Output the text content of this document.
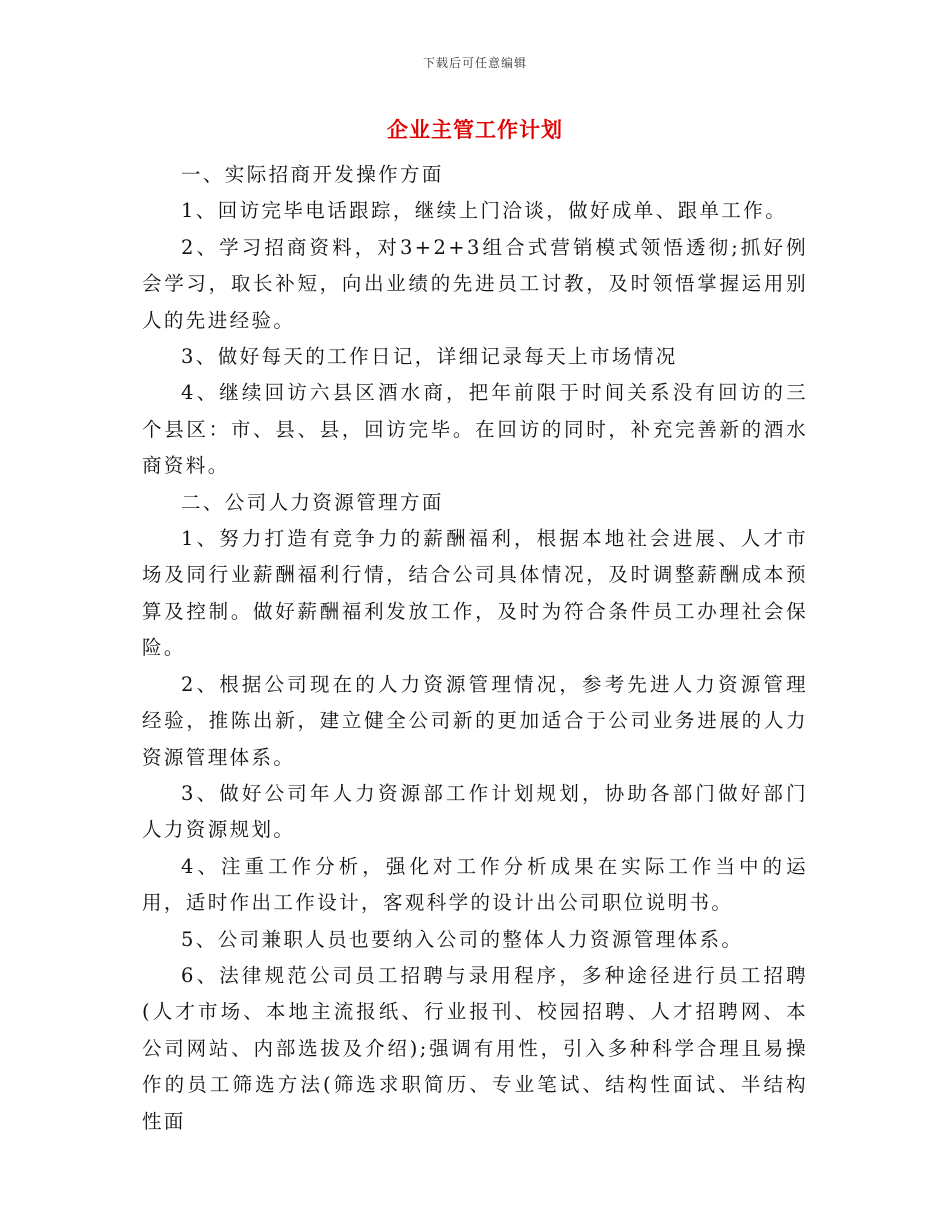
下载后可任意编辑
企业主管工作计划

一、实际招商开发操作方面

1、回访完毕电话跟踪，继续上门洽谈，做好成单、跟单工作。

2、学习招商资料，对3+2+3组合式营销模式领悟透彻;抓好例会学习，取长补短，向出业绩的先进员工讨教，及时领悟掌握运用别人的先进经验。

3、做好每天的工作日记，详细记录每天上市场情况

4、继续回访六县区酒水商，把年前限于时间关系没有回访的三个县区：市、县、县，回访完毕。在回访的同时，补充完善新的酒水商资料。

二、公司人力资源管理方面

1、努力打造有竞争力的薪酬福利，根据本地社会进展、人才市场及同行业薪酬福利行情，结合公司具体情况，及时调整薪酬成本预算及控制。做好薪酬福利发放工作，及时为符合条件员工办理社会保险。

2、根据公司现在的人力资源管理情况，参考先进人力资源管理经验，推陈出新，建立健全公司新的更加适合于公司业务进展的人力资源管理体系。

3、做好公司年人力资源部工作计划规划，协助各部门做好部门人力资源规划。

4、注重工作分析，强化对工作分析成果在实际工作当中的运用，适时作出工作设计，客观科学的设计出公司职位说明书。

5、公司兼职人员也要纳入公司的整体人力资源管理体系。

6、法律规范公司员工招聘与录用程序，多种途径进行员工招聘(人才市场、本地主流报纸、行业报刊、校园招聘、人才招聘网、本公司网站、内部选拔及介绍);强调有用性，引入多种科学合理且易操作的员工筛选方法(筛选求职简历、专业笔试、结构性面试、半结构性面
